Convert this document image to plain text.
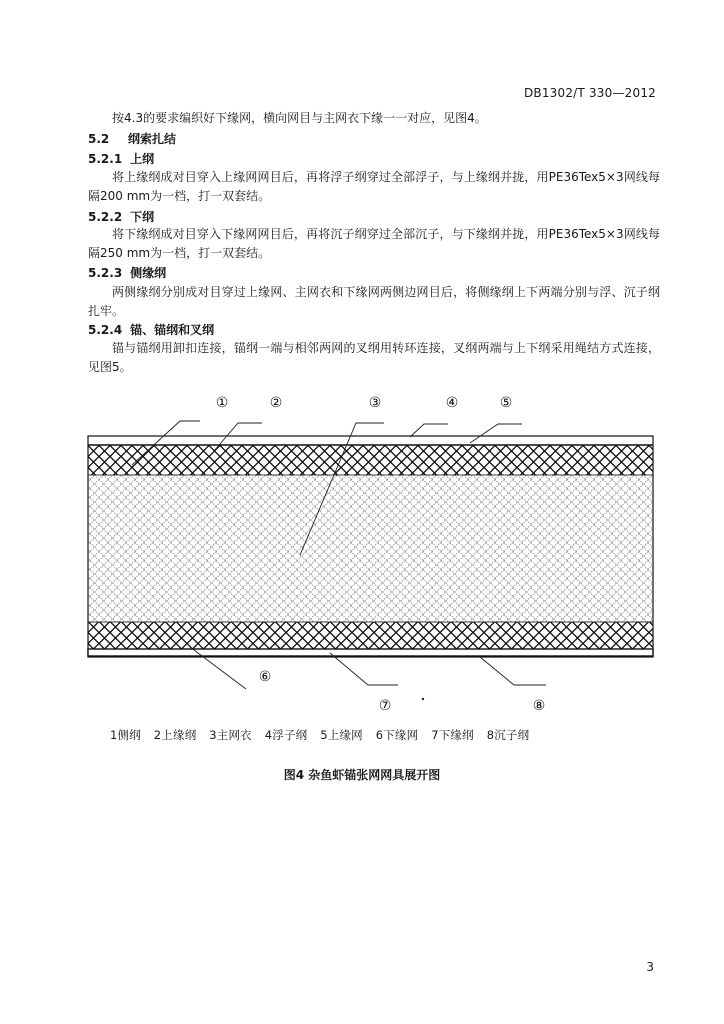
DB1302/T 330—2012
按4.3的要求编织好下缘网，横向网目与主网衣下缘一一对应，见图4。
5.2 纲索扎结
5.2.1 上纲
将上缘纲成对目穿入上缘网网目后，再将浮子纲穿过全部浮子，与上缘纲并拢，用PE36Tex5×3网线每隔200 mm为一档，打一双套结。
5.2.2 下纲
将下缘纲成对目穿入下缘网网目后，再将沉子纲穿过全部沉子，与下缘纲并拢，用PE36Tex5×3网线每隔250 mm为一档，打一双套结。
5.2.3 侧缘纲
两侧缘纲分别成对目穿过上缘网、主网衣和下缘网两侧边网目后，将侧缘纲上下两端分别与浮、沉子纲扎牢。
5.2.4 锚、锚纲和叉纲
锚与锚纲用卸扣连接，锚纲一端与相邻两网的叉纲用转环连接，叉纲两端与上下纲采用绳结方式连接，见图5。
①	②	③	④	⑤
⑥
⑦	⑧
1侧纲 2上缘纲 3主网衣 4浮子纲 5上缘网 6下缘网 7下缘纲 8沉子纲
图4 杂鱼虾锚张网网具展开图
3
